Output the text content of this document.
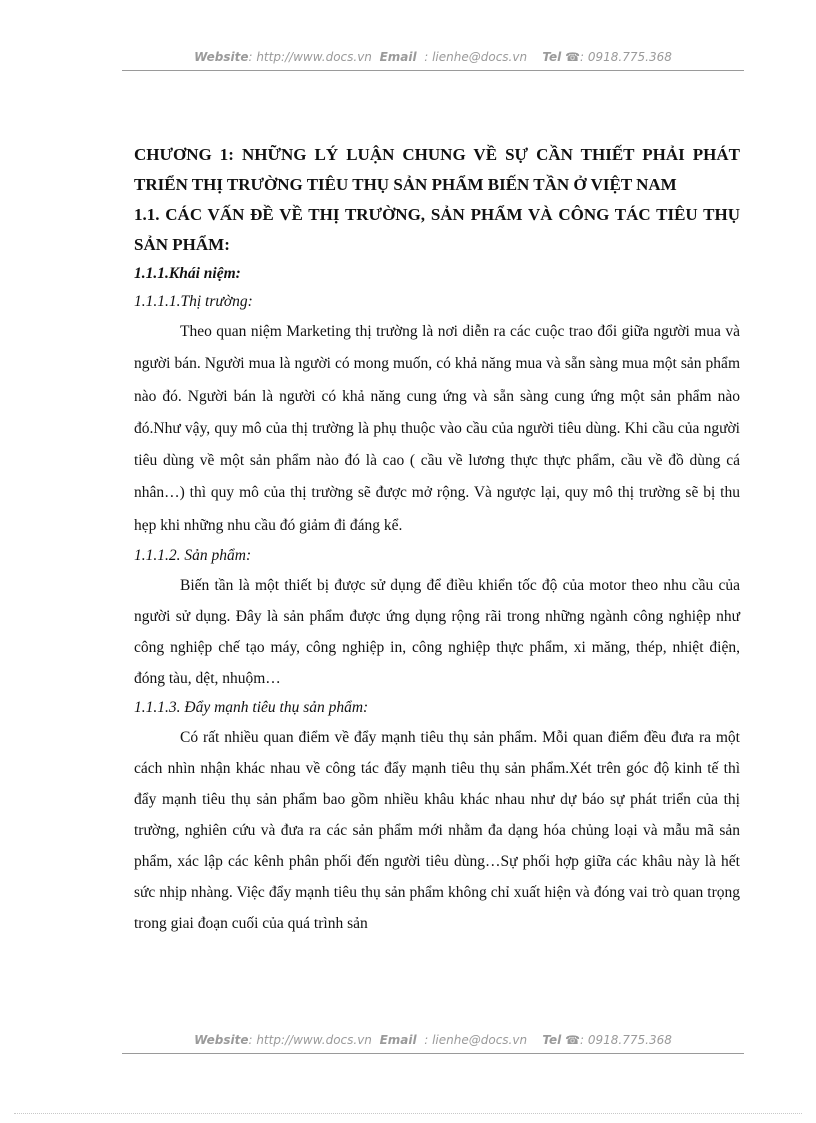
Website: http://www.docs.vn Email : lienhe@docs.vn Tel ☎: 0918.775.368

CHƯƠNG 1: NHỮNG LÝ LUẬN CHUNG VỀ SỰ CẦN THIẾT PHẢI PHÁT TRIỂN THỊ TRƯỜNG TIÊU THỤ SẢN PHẨM BIẾN TẦN Ở VIỆT NAM

1.1. CÁC VẤN ĐỀ VỀ THỊ TRƯỜNG, SẢN PHẨM VÀ CÔNG TÁC TIÊU THỤ SẢN PHẨM:

1.1.1.Khái niệm:

1.1.1.1.Thị trường:

Theo quan niệm Marketing thị trường là nơi diễn ra các cuộc trao đổi giữa người mua và người bán. Người mua là người có mong muốn, có khả năng mua và sẵn sàng mua một sản phẩm nào đó. Người bán là người có khả năng cung ứng và sẵn sàng cung ứng một sản phẩm nào đó.Như vậy, quy mô của thị trường là phụ thuộc vào cầu của người tiêu dùng. Khi cầu của người tiêu dùng về một sản phẩm nào đó là cao ( cầu về lương thực thực phẩm, cầu về đồ dùng cá nhân…) thì quy mô của thị trường sẽ được mở rộng. Và ngược lại, quy mô thị trường sẽ bị thu hẹp khi những nhu cầu đó giảm đi đáng kể.

1.1.1.2. Sản phẩm:

Biến tần là một thiết bị được sử dụng để điều khiển tốc độ của motor theo nhu cầu của người sử dụng. Đây là sản phẩm được ứng dụng rộng rãi trong những ngành công nghiệp như công nghiệp chế tạo máy, công nghiệp in, công nghiệp thực phẩm, xi măng, thép, nhiệt điện, đóng tàu, dệt, nhuộm…

1.1.1.3. Đẩy mạnh tiêu thụ sản phẩm:

Có rất nhiều quan điểm về đẩy mạnh tiêu thụ sản phẩm. Mỗi quan điểm đều đưa ra một cách nhìn nhận khác nhau về công tác đẩy mạnh tiêu thụ sản phẩm.Xét trên góc độ kinh tế thì đẩy mạnh tiêu thụ sản phẩm bao gồm nhiều khâu khác nhau như dự báo sự phát triển của thị trường, nghiên cứu và đưa ra các sản phẩm mới nhằm đa dạng hóa chủng loại và mẫu mã sản phẩm, xác lập các kênh phân phối đến người tiêu dùng…Sự phối hợp giữa các khâu này là hết sức nhịp nhàng. Việc đẩy mạnh tiêu thụ sản phẩm không chỉ xuất hiện và đóng vai trò quan trọng trong giai đoạn cuối của quá trình sản

Website: http://www.docs.vn Email : lienhe@docs.vn Tel ☎: 0918.775.368
